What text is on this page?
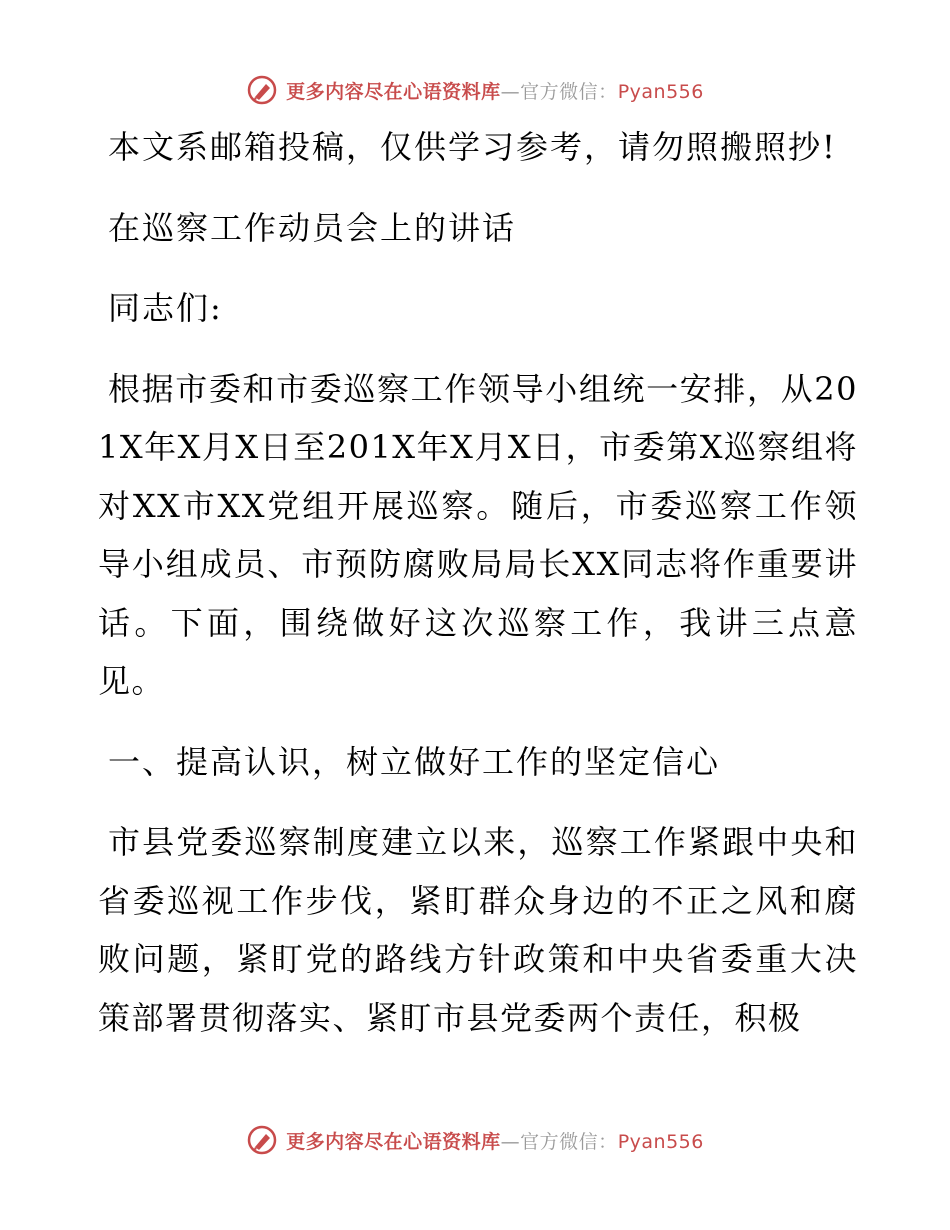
更多内容尽在心语资料库—官方微信：Pyan556

本文系邮箱投稿，仅供学习参考，请勿照搬照抄!

在巡察工作动员会上的讲话

同志们:

根据市委和市委巡察工作领导小组统一安排，从201X年X月X日至201X年X月X日，市委第X巡察组将对XX市XX党组开展巡察。随后，市委巡察工作领导小组成员、市预防腐败局局长XX同志将作重要讲话。下面，围绕做好这次巡察工作，我讲三点意见。

一、提高认识，树立做好工作的坚定信心

市县党委巡察制度建立以来，巡察工作紧跟中央和省委巡视工作步伐，紧盯群众身边的不正之风和腐败问题，紧盯党的路线方针政策和中央省委重大决策部署贯彻落实、紧盯市县党委两个责任，积极

更多内容尽在心语资料库—官方微信：Pyan556
